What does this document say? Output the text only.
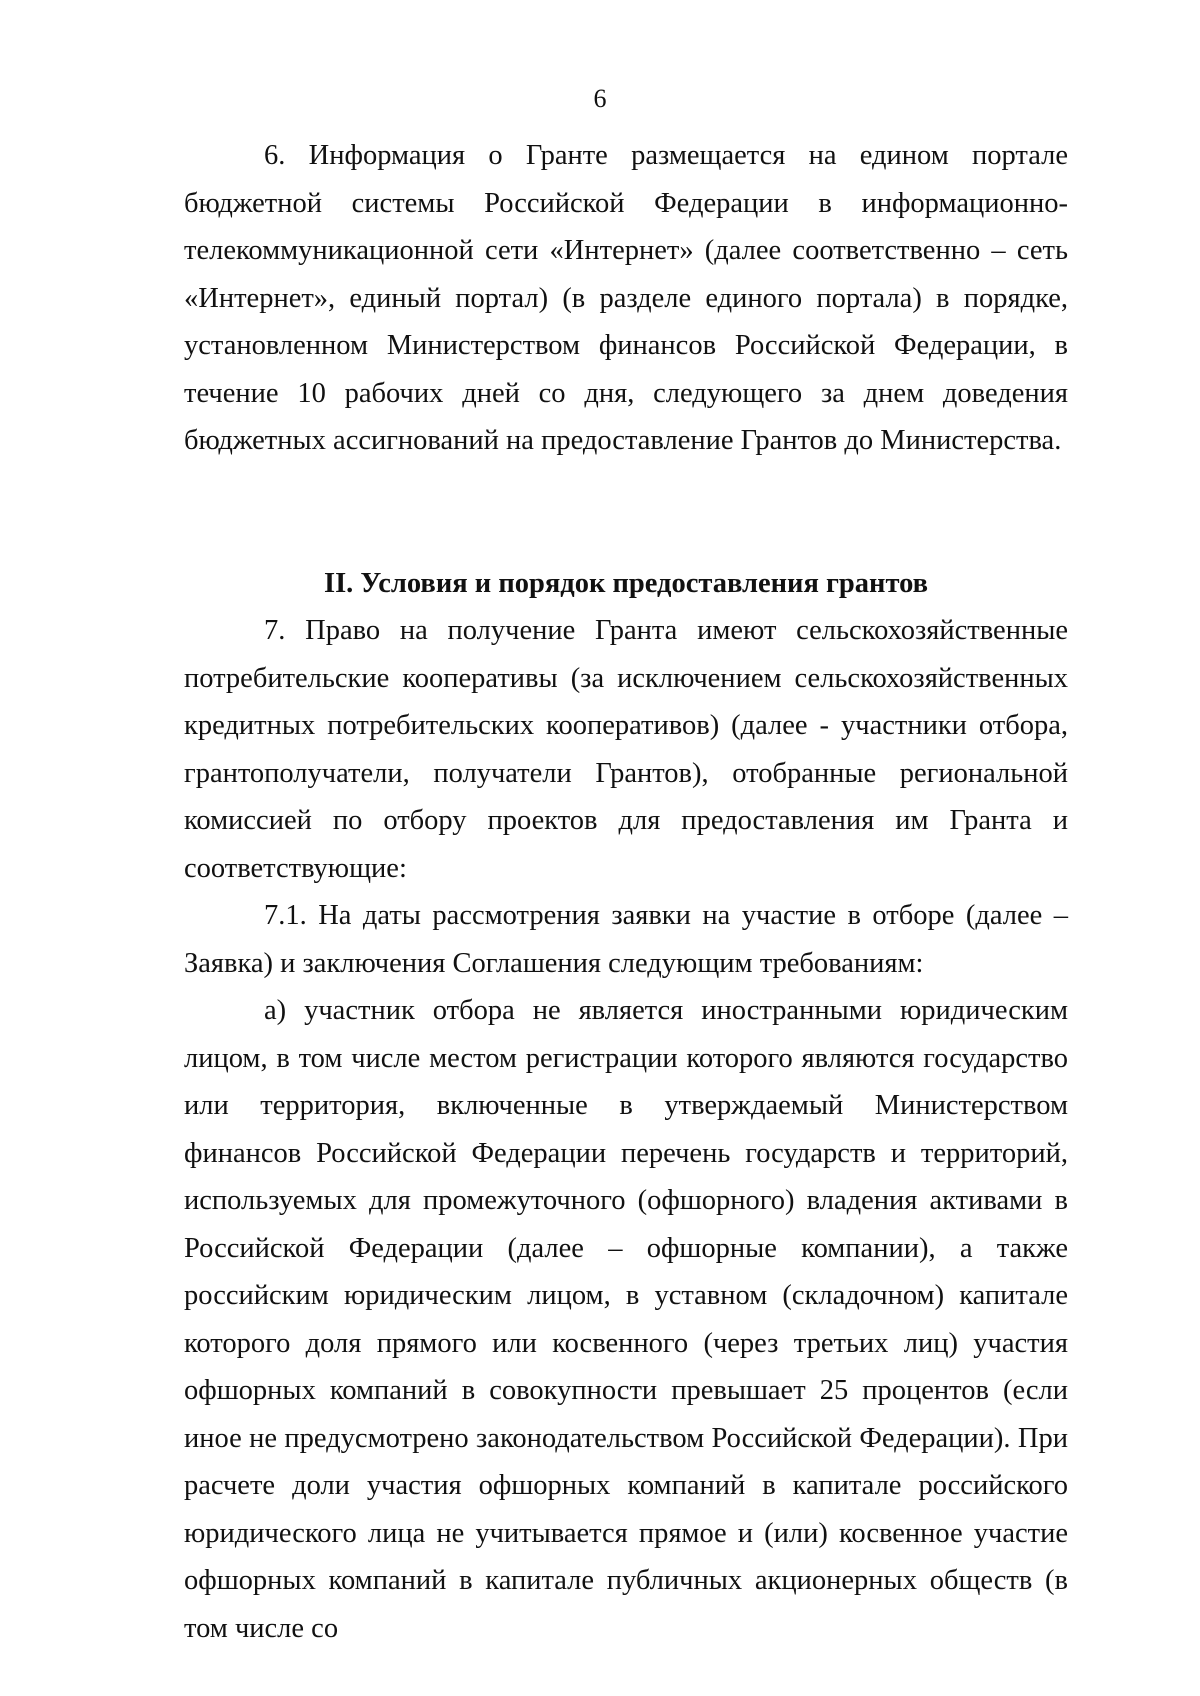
6

6. Информация о Гранте размещается на едином портале бюджетной системы Российской Федерации в информационно-телекоммуникационной сети «Интернет» (далее соответственно – сеть «Интернет», единый портал) (в разделе единого портала) в порядке, установленном Министерством финансов Российской Федерации, в течение 10 рабочих дней со дня, следующего за днем доведения бюджетных ассигнований на предоставление Грантов до Министерства.

II. Условия и порядок предоставления грантов

7. Право на получение Гранта имеют сельскохозяйственные потребительские кооперативы (за исключением сельскохозяйственных кредитных потребительских кооперативов) (далее - участники отбора, грантополучатели, получатели Грантов), отобранные региональной комиссией по отбору проектов для предоставления им Гранта и соответствующие:

7.1. На даты рассмотрения заявки на участие в отборе (далее – Заявка) и заключения Соглашения следующим требованиям:

а) участник отбора не является иностранными юридическим лицом, в том числе местом регистрации которого являются государство или территория, включенные в утверждаемый Министерством финансов Российской Федерации перечень государств и территорий, используемых для промежуточного (офшорного) владения активами в Российской Федерации (далее – офшорные компании), а также российским юридическим лицом, в уставном (складочном) капитале которого доля прямого или косвенного (через третьих лиц) участия офшорных компаний в совокупности превышает 25 процентов (если иное не предусмотрено законодательством Российской Федерации). При расчете доли участия офшорных компаний в капитале российского юридического лица не учитывается прямое и (или) косвенное участие офшорных компаний в капитале публичных акционерных обществ (в том числе со
